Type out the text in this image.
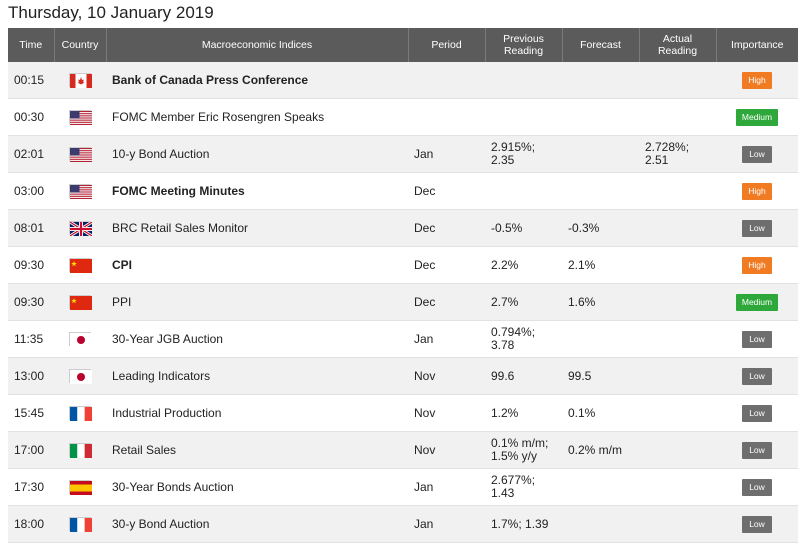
Thursday, 10 January 2019
Time	Country	Macroeconomic Indices	Period	Previous
Reading	Forecast	Actual
Reading	Importance
00:15		Bank of Canada Press Conference					High
00:30		FOMC Member Eric Rosengren Speaks					Medium
02:01		10-y Bond Auction	Jan	2.915%;
2.35		2.728%;
2.51	Low
03:00		FOMC Meeting Minutes	Dec				High
08:01		BRC Retail Sales Monitor	Dec	-0.5%	-0.3%		Low
09:30		CPI	Dec	2.2%	2.1%		High
09:30		PPI	Dec	2.7%	1.6%		Medium
11:35		30-Year JGB Auction	Jan	0.794%;
3.78			Low
13:00		Leading Indicators	Nov	99.6	99.5		Low
15:45		Industrial Production	Nov	1.2%	0.1%		Low
17:00		Retail Sales	Nov	0.1% m/m;
1.5% y/y	0.2% m/m		Low
17:30		30-Year Bonds Auction	Jan	2.677%;
1.43			Low
18:00		30-y Bond Auction	Jan	1.7%; 1.39			Low
